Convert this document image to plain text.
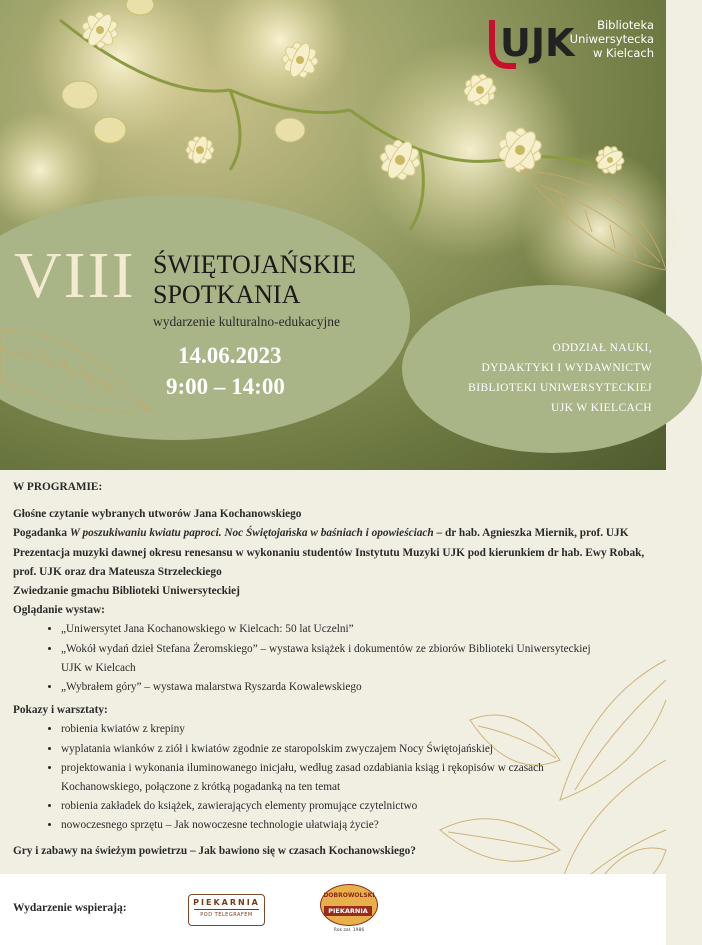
UJK	Biblioteka
Uniwersytecka
w Kielcach
VIII ŚWIĘTOJAŃSKIE
SPOTKANIA
wydarzenie kulturalno-edukacyjne
14.06.2023
9:00 – 14:00
ODDZIAŁ NAUKI,
DYDAKTYKI I WYDAWNICTW
BIBLIOTEKI UNIWERSYTECKIEJ
UJK W KIELCACH
W PROGRAMIE:
Głośne czytanie wybranych utworów Jana Kochanowskiego
Pogadanka W poszukiwaniu kwiatu paproci. Noc Świętojańska w baśniach i opowieściach – dr hab. Agnieszka Miernik, prof. UJK
Prezentacja muzyki dawnej okresu renesansu w wykonaniu studentów Instytutu Muzyki UJK pod kierunkiem dr hab. Ewy Robak,
prof. UJK oraz dra Mateusza Strzeleckiego
Zwiedzanie gmachu Biblioteki Uniwersyteckiej
Oglądanie wystaw:
• „Uniwersytet Jana Kochanowskiego w Kielcach: 50 lat Uczelni”
• „Wokół wydań dzieł Stefana Żeromskiego” – wystawa książek i dokumentów ze zbiorów Biblioteki Uniwersyteckiej UJK w Kielcach
• „Wybrałem góry” – wystawa malarstwa Ryszarda Kowalewskiego
Pokazy i warsztaty:
• robienia kwiatów z krepiny
• wyplatania wianków z ziół i kwiatów zgodnie ze staropolskim zwyczajem Nocy Świętojańskiej
• projektowania i wykonania iluminowanego inicjału, według zasad ozdabiania ksiąg i rękopisów w czasach Kochanowskiego, połączone z krótką pogadanką na ten temat
• robienia zakładek do książek, zawierających elementy promujące czytelnictwo
• nowoczesnego sprzętu – Jak nowoczesne technologie ułatwiają życie?
Gry i zabawy na świeżym powietrzu – Jak bawiono się w czasach Kochanowskiego?
Wydarzenie wspierają:	PIEKARNIA
POD TELEGRAFEM
DOBROWOLSKI
PIEKARNIA
Rok zał. 1986
